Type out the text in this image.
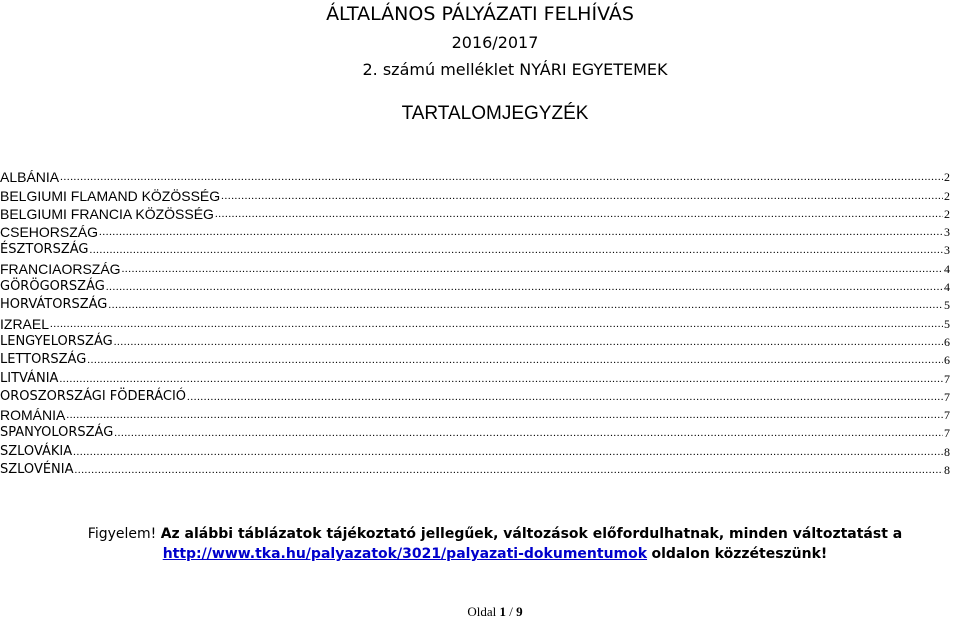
ÁLTALÁNOS PÁLYÁZATI FELHÍVÁS
2016/2017
2. számú melléklet NYÁRI EGYETEMEK
TARTALOMJEGYZÉK
ALBÁNIA .....	2
BELGIUMI FLAMAND KÖZÖSSÉG .....	2
BELGIUMI FRANCIA KÖZÖSSÉG .....	2
CSEHORSZÁG .....	3
ÉSZTORSZÁG .....	3
FRANCIAORSZÁG .....	4
GÖRÖGORSZÁG .....	4
HORVÁTORSZÁG .....	5
IZRAEL .....	5
LENGYELORSZÁG .....	6
LETTORSZÁG .....	6
LITVÁNIA .....	7
OROSZORSZÁGI FÖDERÁCIÓ .....	7
ROMÁNIA .....	7
SPANYOLORSZÁG .....	7
SZLOVÁKIA .....	8
SZLOVÉNIA .....	8
Figyelem! Az alábbi táblázatok tájékoztató jellegűek, változások előfordulhatnak, minden változtatást a
http://www.tka.hu/palyazatok/3021/palyazati-dokumentumok oldalon közzéteszünk!
Oldal 1 / 9
